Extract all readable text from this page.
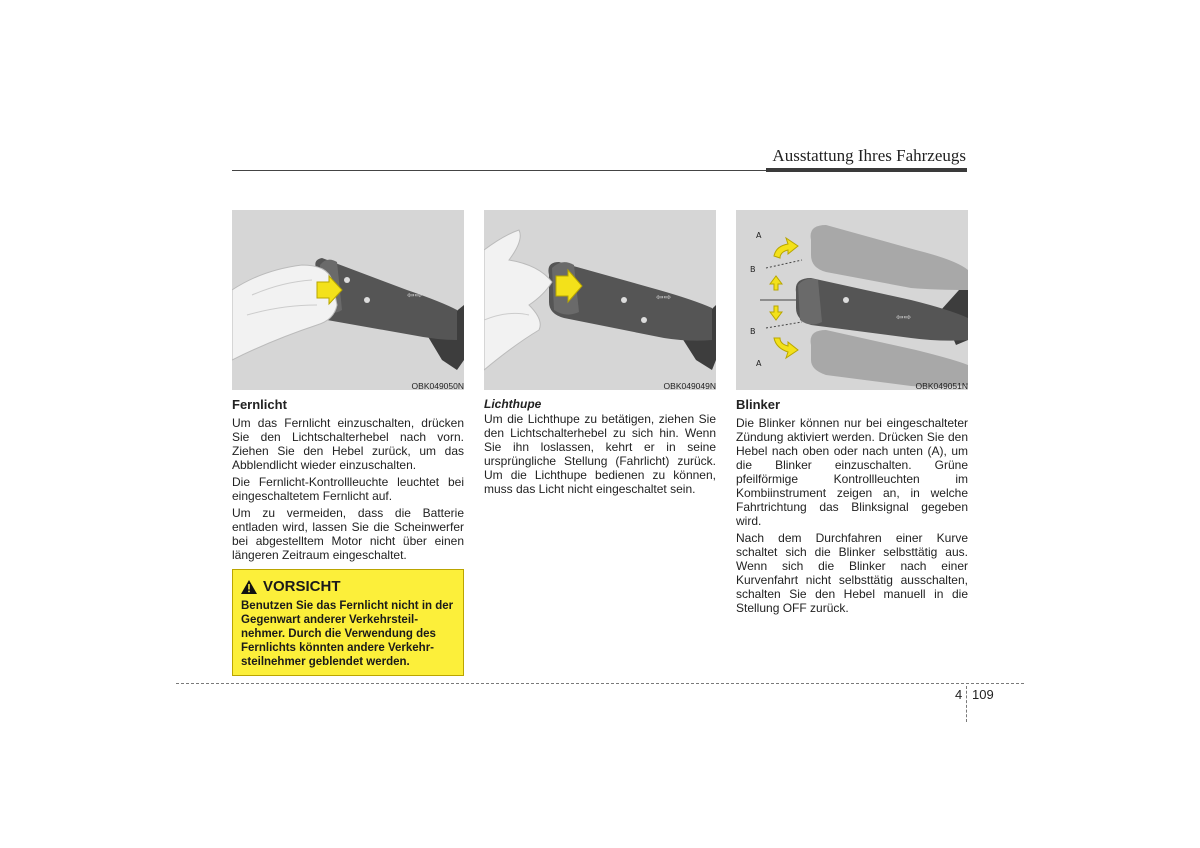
Ausstattung Ihres Fahrzeugs
⇦⇨
OBK049050N
⇦⇨
OBK049049N
⇦⇨
A
B
B
A
OBK049051N
Fernlicht

Um das Fernlicht einzuschalten, drücken Sie den Lichtschalterhebel nach vorn. Ziehen Sie den Hebel zurück, um das Abblendlicht wieder einzuschalten.

Die Fernlicht-Kontrollleuchte leuchtet bei eingeschaltetem Fernlicht auf.

Um zu vermeiden, dass die Batterie entladen wird, lassen Sie die Scheinwerfer bei abgestelltem Motor nicht über einen längeren Zeitraum eingeschaltet.

VORSICHT
Benutzen Sie das Fernlicht nicht in der Gegenwart anderer Verkehrsteil-nehmer. Durch die Verwendung des Fernlichts könnten andere Verkehr-steilnehmer geblendet werden.
Lichthupe

Um die Lichthupe zu betätigen, ziehen Sie den Lichtschalterhebel zu sich hin. Wenn Sie ihn loslassen, kehrt er in seine ursprüngliche Stellung (Fahrlicht) zurück. Um die Lichthupe bedienen zu können, muss das Licht nicht eingeschaltet sein.

Blinker

Die Blinker können nur bei eingeschalteter Zündung aktiviert werden. Drücken Sie den Hebel nach oben oder nach unten (A), um die Blinker einzuschalten. Grüne pfeilförmige Kontrollleuchten im Kombiinstrument zeigen an, in welche Fahrtrichtung das Blinksignal gegeben wird.

Nach dem Durchfahren einer Kurve schaltet sich die Blinker selbsttätig aus. Wenn sich die Blinker nach einer Kurvenfahrt nicht selbsttätig ausschalten, schalten Sie den Hebel manuell in die Stellung OFF zurück.

4 109
